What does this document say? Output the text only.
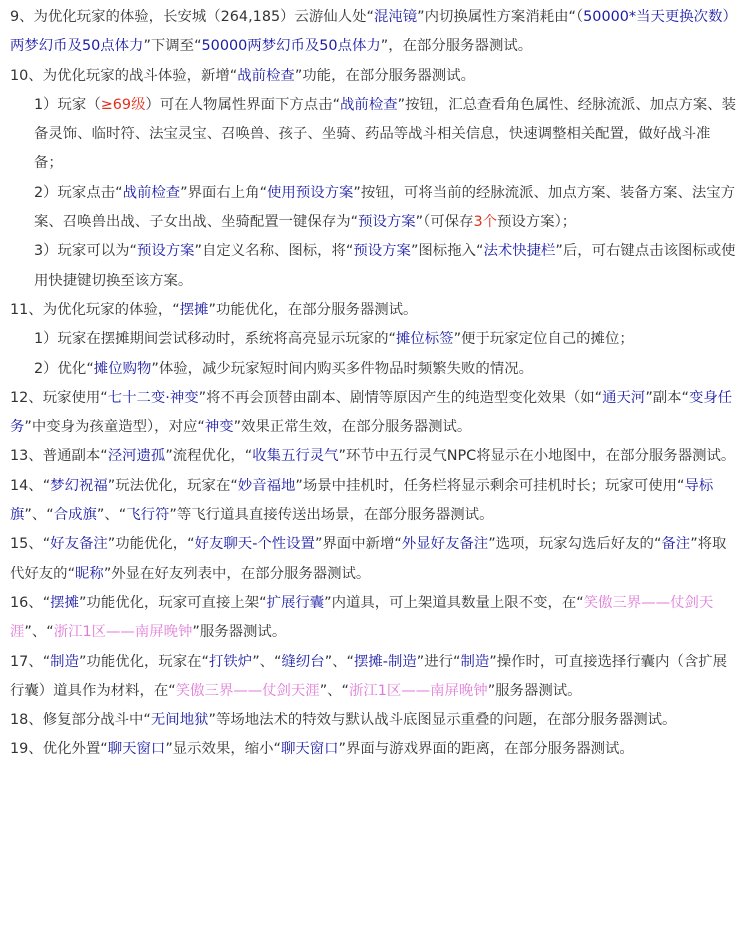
9、为优化玩家的体验，长安城（264,185）云游仙人处“混沌镜”内切换属性方案消耗由“（50000*当天更换次数）两梦幻币及50点体力”下调至“50000两梦幻币及50点体力”，在部分服务器测试。

10、为优化玩家的战斗体验，新增“战前检查”功能，在部分服务器测试。

1）玩家（≥69级）可在人物属性界面下方点击“战前检查”按钮，汇总查看角色属性、经脉流派、加点方案、装备灵饰、临时符、法宝灵宝、召唤兽、孩子、坐骑、药品等战斗相关信息，快速调整相关配置，做好战斗准备；

2）玩家点击“战前检查”界面右上角“使用预设方案”按钮，可将当前的经脉流派、加点方案、装备方案、法宝方案、召唤兽出战、子女出战、坐骑配置一键保存为“预设方案”（可保存3个预设方案）；

3）玩家可以为“预设方案”自定义名称、图标，将“预设方案”图标拖入“法术快捷栏”后，可右键点击该图标或使用快捷键切换至该方案。

11、为优化玩家的体验，“摆摊”功能优化，在部分服务器测试。

1）玩家在摆摊期间尝试移动时，系统将高亮显示玩家的“摊位标签”便于玩家定位自己的摊位；

2）优化“摊位购物”体验，减少玩家短时间内购买多件物品时频繁失败的情况。

12、玩家使用“七十二变·神变”将不再会顶替由副本、剧情等原因产生的纯造型变化效果（如“通天河”副本“变身任务”中变身为孩童造型），对应“神变”效果正常生效，在部分服务器测试。

13、普通副本“泾河遗孤”流程优化，“收集五行灵气”环节中五行灵气NPC将显示在小地图中，在部分服务器测试。

14、“梦幻祝福”玩法优化，玩家在“妙音福地”场景中挂机时，任务栏将显示剩余可挂机时长；玩家可使用“导标旗”、“合成旗”、“飞行符”等飞行道具直接传送出场景，在部分服务器测试。

15、“好友备注”功能优化，“好友聊天-个性设置”界面中新增“外显好友备注”选项，玩家勾选后好友的“备注”将取代好友的“昵称”外显在好友列表中，在部分服务器测试。

16、“摆摊”功能优化，玩家可直接上架“扩展行囊”内道具，可上架道具数量上限不变，在“笑傲三界——仗剑天涯”、“浙江1区——南屏晚钟”服务器测试。

17、“制造”功能优化，玩家在“打铁炉”、“缝纫台”、“摆摊-制造”进行“制造”操作时，可直接选择行囊内（含扩展行囊）道具作为材料，在“笑傲三界——仗剑天涯”、“浙江1区——南屏晚钟”服务器测试。

18、修复部分战斗中“无间地狱”等场地法术的特效与默认战斗底图显示重叠的问题，在部分服务器测试。

19、优化外置“聊天窗口”显示效果，缩小“聊天窗口”界面与游戏界面的距离，在部分服务器测试。
